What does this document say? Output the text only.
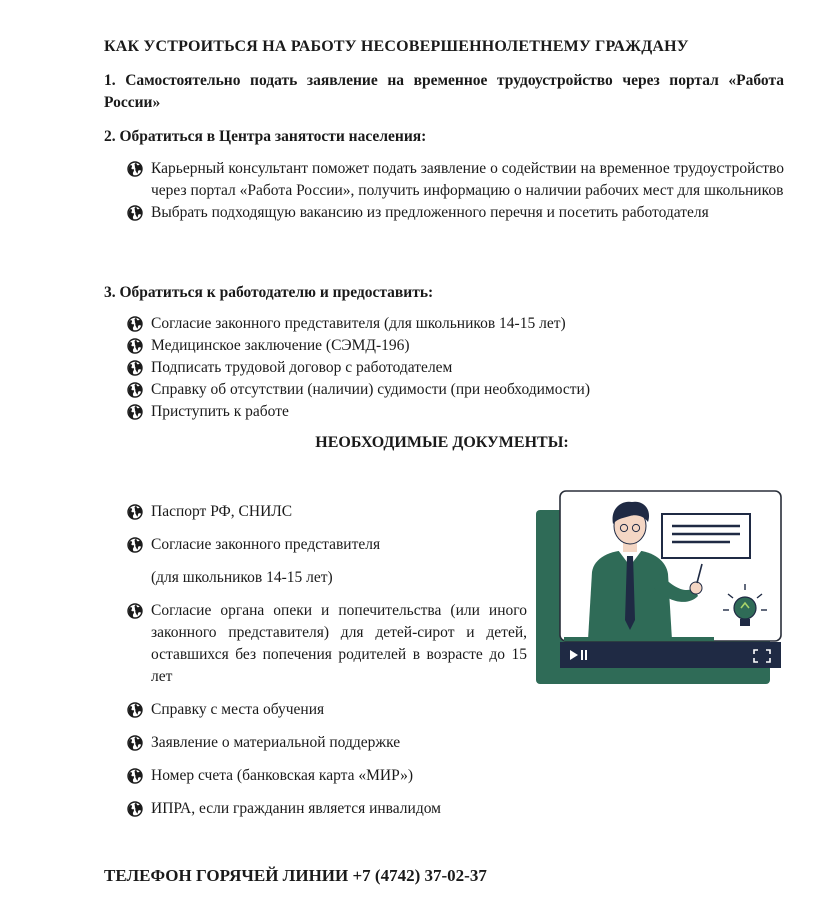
КАК УСТРОИТЬСЯ НА РАБОТУ НЕСОВЕРШЕННОЛЕТНЕМУ ГРАЖДАНУ
1. Самостоятельно подать заявление на временное трудоустройство через портал «Работа России»
2. Обратиться в Центра занятости населения:
Карьерный консультант поможет подать заявление о содействии на временное трудоустройство через портал «Работа России», получить информацию о наличии рабочих мест для школьников
Выбрать подходящую вакансию из предложенного перечня и посетить работодателя
3. Обратиться к работодателю и предоставить:
Согласие законного представителя (для школьников 14-15 лет)
Медицинское заключение (СЭМД-196)
Подписать трудовой договор с работодателем
Справку об отсутствии (наличии) судимости (при необходимости)
Приступить к работе
НЕОБХОДИМЫЕ ДОКУМЕНТЫ:
Паспорт РФ, СНИЛС
Согласие законного представителя
(для школьников 14-15 лет)
Согласие органа опеки и попечительства (или иного законного представителя) для детей-сирот и детей, оставшихся без попечения родителей в возрасте до 15 лет
Справку с места обучения
Заявление о материальной поддержке
Номер счета (банковская карта «МИР»)
ИПРА, если гражданин является инвалидом
ТЕЛЕФОН ГОРЯЧЕЙ ЛИНИИ +7 (4742) 37-02-37
